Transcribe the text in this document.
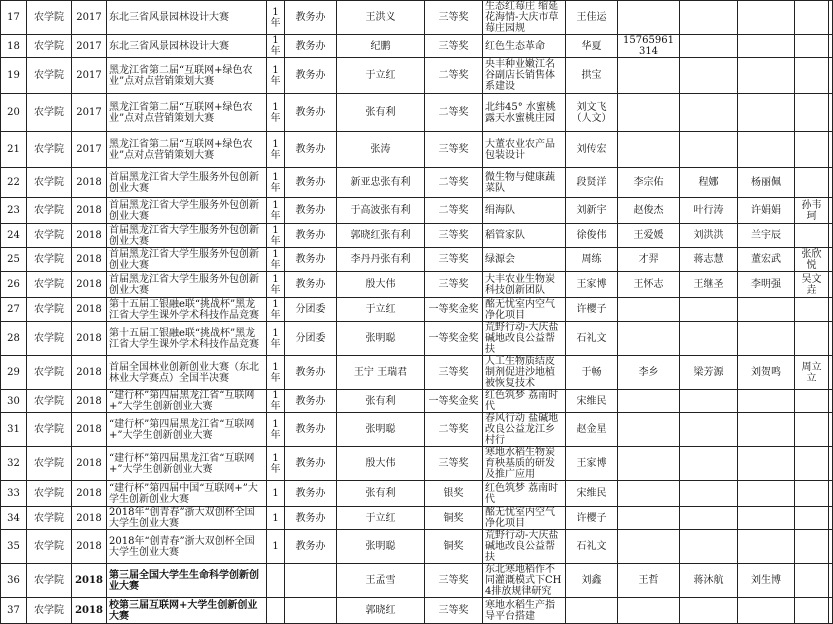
17	农学院	2017	东北三省风景园林设计大赛	1年	教务办	王洪义	三等奖	生态红莓庄 缩延花海情-大庆市草莓庄园规	王佳运					
18	农学院	2017	东北三省风景园林设计大赛	1年	教务办	纪鹏	三等奖	红色生态革命	华夏	15765961314				
19	农学院	2017	黑龙江省第二届“互联网+绿色农业”点对点营销策划大赛	1年	教务办	于立红	二等奖	央丰种业嫩江名谷副店长销售体系建设	拱宝					
20	农学院	2017	黑龙江省第二届“互联网+绿色农业”点对点营销策划大赛	1年	教务办	张有利	二等奖	北纬45° 水蜜桃露天水蜜桃庄园	刘文飞（人文）					
21	农学院	2017	黑龙江省第二届“互联网+绿色农业”点对点营销策划大赛	1年	教务办	张涛	三等奖	大董农业农产品包装设计	刘传宏					
22	农学院	2018	首届黑龙江省大学生服务外包创新创业大赛	1年	教务办	新亚忠张有利	二等奖	微生物与健康蔬菜队	段贤洋	李宗佑	程娜	杨丽佩		
23	农学院	2018	首届黑龙江省大学生服务外包创新创业大赛	1年	教务办	于高波张有利	二等奖	绢海队	刘新宇	赵俊杰	叶行涛	许娟娟	孙韦珂	
24	农学院	2018	首届黑龙江省大学生服务外包创新创业大赛	1年	教务办	郭晓红张有利	三等奖	稻管家队	徐俊伟	王爱媛	刘洪洪	兰宇辰		
25	农学院	2018	首届黑龙江省大学生服务外包创新创业大赛	1年	教务办	李丹丹张有利	三等奖	绿源会	周练	才羿	蒋志慧	董宏武	张欣悦	
26	农学院	2018	首届黑龙江省大学生服务外包创新创业大赛	1年	教务办	殷大伟	三等奖	大丰农业生物炭科技创新团队	王家博	王怀志	王继圣	李明强	吴文垚	
27	农学院	2018	第十五届工银融e联“挑战杯”黑龙江省大学生课外学术科技作品竞赛	1年	分团委	于立红	一等奖金奖	酩无忧室内空气净化项目	许樱子					
28	农学院	2018	第十五届工银融e联“挑战杯”黑龙江省大学生课外学术科技作品竞赛	1年	分团委	张明聪	一等奖金奖	荒野行动-大庆盐碱地改良公益帮扶	石礼文					
29	农学院	2018	首届全国林业创新创业大赛（东北林业大学赛点）全国半决赛	1年	教务办	王宁 王瑞君	三等奖	人工生物质结皮制剂促进沙地植被恢复技术	于畅	李乡	梁芳源	刘贺鸣	周立立	
30	农学院	2018	“建行杯”第四届黑龙江省“互联网+”大学生创新创业大赛	1年	教务办	张有利	一等奖金奖	红色筑梦 荔南时代	宋维民					
31	农学院	2018	“建行杯”第四届黑龙江省“互联网+”大学生创新创业大赛	1年	教务办	张明聪	二等奖	春风行动 盐碱地改良公益龙江乡村行	赵金星					
32	农学院	2018	“建行杯”第四届黑龙江省“互联网+”大学生创新创业大赛	1年	教务办	殷大伟	三等奖	寒地水稻生物炭育秧基质的研发及推广应用	王家博					
33	农学院	2018	“建行杯”第四届中国“互联网+”大学生创新创业大赛	1	教务办	张有利	银奖	红色筑梦 荔南时代	宋维民					
34	农学院	2018	2018年“创青春”浙大双创杯全国大学生创业大赛	1	教务办	于立红	铜奖	酩无忧室内空气净化项目	许樱子					
35	农学院	2018	2018年“创青春”浙大双创杯全国大学生创业大赛	1	教务办	张明聪	铜奖	荒野行动-大庆盐碱地改良公益帮扶	石礼文					
36	农学院	2018	第三届全国大学生生命科学创新创业大赛			王孟雪	三等奖	东北寒地稻作不同灌溉模式下CH4排放规律研究	刘鑫	王哲	蒋沐航	刘生博		
37	农学院	2018	校第三届互联网+大学生创新创业大赛			郭晓红	三等奖	寒地水稻生产指导平台搭建						
